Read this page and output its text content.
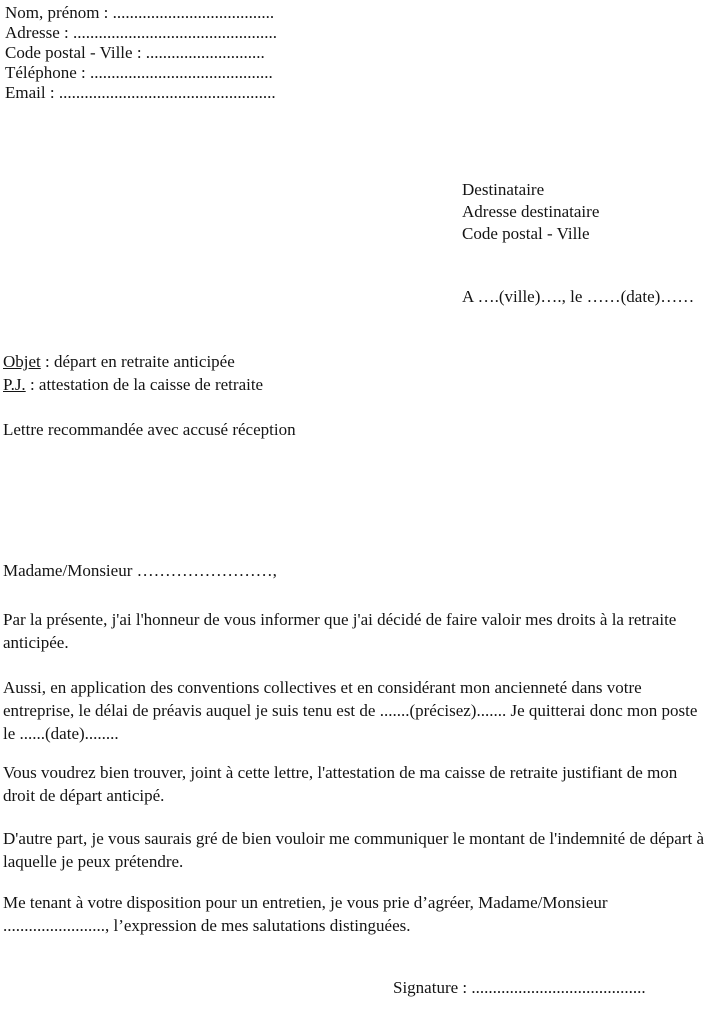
Nom, prénom : ......................................
Adresse : ................................................
Code postal - Ville : ............................
Téléphone : ...........................................
Email : ...................................................
Destinataire
Adresse destinataire
Code postal - Ville
A ….(ville)…., le ……(date)……
Objet : départ en retraite anticipée
P.J. : attestation de la caisse de retraite
Lettre recommandée avec accusé réception
Madame/Monsieur ……………………,
Par la présente, j'ai l'honneur de vous informer que j'ai décidé de faire valoir mes droits à la retraite anticipée.
Aussi, en application des conventions collectives et en considérant mon ancienneté dans votre entreprise, le délai de préavis auquel je suis tenu est de .......(précisez)....... Je quitterai donc mon poste le ......(date)........
Vous voudrez bien trouver, joint à cette lettre, l'attestation de ma caisse de retraite justifiant de mon droit de départ anticipé.
D'autre part, je vous saurais gré de bien vouloir me communiquer le montant de l'indemnité de départ à laquelle je peux prétendre.
Me tenant à votre disposition pour un entretien, je vous prie d’agréer, Madame/Monsieur ........................, l’expression de mes salutations distinguées.
Signature : .........................................
